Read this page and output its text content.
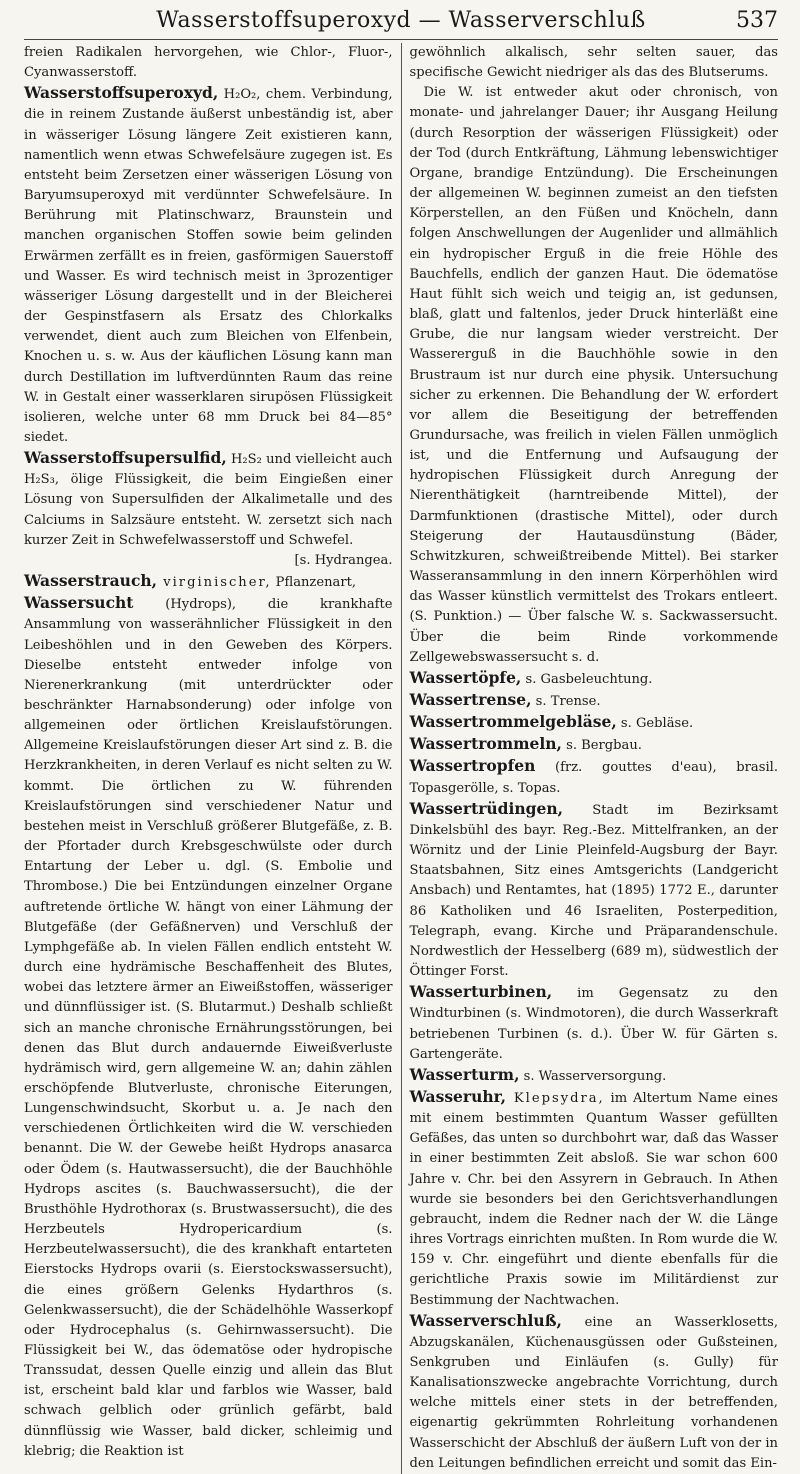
Wasserstoffsuperoxyd — Wasserverschluß	537

freien Radikalen hervorgehen, wie Chlor-, Fluor-, Cyanwasserstoff.

Wasserstoffsuperoxyd, H₂O₂, chem. Verbindung, die in reinem Zustande äußerst unbeständig ist, aber in wässeriger Lösung längere Zeit existieren kann, namentlich wenn etwas Schwefelsäure zugegen ist. Es entsteht beim Zersetzen einer wässerigen Lösung von Baryumsuperoxyd mit verdünnter Schwefelsäure. In Berührung mit Platinschwarz, Braunstein und manchen organischen Stoffen sowie beim gelinden Erwärmen zerfällt es in freien, gasförmigen Sauerstoff und Wasser. Es wird technisch meist in 3prozentiger wässeriger Lösung dargestellt und in der Bleicherei der Gespinstfasern als Ersatz des Chlorkalks verwendet, dient auch zum Bleichen von Elfenbein, Knochen u. s. w. Aus der käuflichen Lösung kann man durch Destillation im luftverdünnten Raum das reine W. in Gestalt einer wasserklaren sirupösen Flüssigkeit isolieren, welche unter 68 mm Druck bei 84—85° siedet.

Wasserstoffsupersulfid, H₂S₂ und vielleicht auch H₂S₃, ölige Flüssigkeit, die beim Eingießen einer Lösung von Supersulfiden der Alkalimetalle und des Calciums in Salzsäure entsteht. W. zersetzt sich nach kurzer Zeit in Schwefelwasserstoff und Schwefel.

[s. Hydrangea.

Wasserstrauch, virginischer, Pflanzenart,

Wassersucht (Hydrops), die krankhafte Ansammlung von wasserähnlicher Flüssigkeit in den Leibeshöhlen und in den Geweben des Körpers. Dieselbe entsteht entweder infolge von Nierenerkrankung (mit unterdrückter oder beschränkter Harnabsonderung) oder infolge von allgemeinen oder örtlichen Kreislaufstörungen. Allgemeine Kreislaufstörungen dieser Art sind z. B. die Herzkrankheiten, in deren Verlauf es nicht selten zu W. kommt. Die örtlichen zu W. führenden Kreislaufstörungen sind verschiedener Natur und bestehen meist in Verschluß größerer Blutgefäße, z. B. der Pfortader durch Krebsgeschwülste oder durch Entartung der Leber u. dgl. (S. Embolie und Thrombose.) Die bei Entzündungen einzelner Organe auftretende örtliche W. hängt von einer Lähmung der Blutgefäße (der Gefäßnerven) und Verschluß der Lymphgefäße ab. In vielen Fällen endlich entsteht W. durch eine hydrämische Beschaffenheit des Blutes, wobei das letztere ärmer an Eiweißstoffen, wässeriger und dünnflüssiger ist. (S. Blutarmut.) Deshalb schließt sich an manche chronische Ernährungsstörungen, bei denen das Blut durch andauernde Eiweißverluste hydrämisch wird, gern allgemeine W. an; dahin zählen erschöpfende Blutverluste, chronische Eiterungen, Lungenschwindsucht, Skorbut u. a. Je nach den verschiedenen Örtlichkeiten wird die W. verschieden benannt. Die W. der Gewebe heißt Hydrops anasarca oder Ödem (s. Hautwassersucht), die der Bauchhöhle Hydrops ascites (s. Bauchwassersucht), die der Brusthöhle Hydrothorax (s. Brustwassersucht), die des Herzbeutels Hydropericardium (s. Herzbeutelwassersucht), die des krankhaft entarteten Eierstocks Hydrops ovarii (s. Eierstockswassersucht), die eines größern Gelenks Hydarthros (s. Gelenkwassersucht), die der Schädelhöhle Wasserkopf oder Hydrocephalus (s. Gehirnwassersucht). Die Flüssigkeit bei W., das ödematöse oder hydropische Transsudat, dessen Quelle einzig und allein das Blut ist, erscheint bald klar und farblos wie Wasser, bald schwach gelblich oder grünlich gefärbt, bald dünnflüssig wie Wasser, bald dicker, schleimig und klebrig; die Reaktion ist

gewöhnlich alkalisch, sehr selten sauer, das specifische Gewicht niedriger als das des Blutserums.

Die W. ist entweder akut oder chronisch, von monate- und jahrelanger Dauer; ihr Ausgang Heilung (durch Resorption der wässerigen Flüssigkeit) oder der Tod (durch Entkräftung, Lähmung lebenswichtiger Organe, brandige Entzündung). Die Erscheinungen der allgemeinen W. beginnen zumeist an den tiefsten Körperstellen, an den Füßen und Knöcheln, dann folgen Anschwellungen der Augenlider und allmählich ein hydropischer Erguß in die freie Höhle des Bauchfells, endlich der ganzen Haut. Die ödematöse Haut fühlt sich weich und teigig an, ist gedunsen, blaß, glatt und faltenlos, jeder Druck hinterläßt eine Grube, die nur langsam wieder verstreicht. Der Wassererguß in die Bauchhöhle sowie in den Brustraum ist nur durch eine physik. Untersuchung sicher zu erkennen. Die Behandlung der W. erfordert vor allem die Beseitigung der betreffenden Grundursache, was freilich in vielen Fällen unmöglich ist, und die Entfernung und Aufsaugung der hydropischen Flüssigkeit durch Anregung der Nierenthätigkeit (harntreibende Mittel), der Darmfunktionen (drastische Mittel), oder durch Steigerung der Hautausdünstung (Bäder, Schwitzkuren, schweißtreibende Mittel). Bei starker Wasseransammlung in den innern Körperhöhlen wird das Wasser künstlich vermittelst des Trokars entleert. (S. Punktion.) — Über falsche W. s. Sackwassersucht. Über die beim Rinde vorkommende Zellgewebswassersucht s. d.

Wassertöpfe, s. Gasbeleuchtung.

Wassertrense, s. Trense.

Wassertrommelgebläse, s. Gebläse.

Wassertrommeln, s. Bergbau.

Wassertropfen (frz. gouttes d'eau), brasil. Topasgerölle, s. Topas.

Wassertrüdingen, Stadt im Bezirksamt Dinkelsbühl des bayr. Reg.-Bez. Mittelfranken, an der Wörnitz und der Linie Pleinfeld-Augsburg der Bayr. Staatsbahnen, Sitz eines Amtsgerichts (Landgericht Ansbach) und Rentamtes, hat (1895) 1772 E., darunter 86 Katholiken und 46 Israeliten, Posterpedition, Telegraph, evang. Kirche und Präparandenschule. Nordwestlich der Hesselberg (689 m), südwestlich der Öttinger Forst.

Wasserturbinen, im Gegensatz zu den Windturbinen (s. Windmotoren), die durch Wasserkraft betriebenen Turbinen (s. d.). Über W. für Gärten s. Gartengeräte.

Wasserturm, s. Wasserversorgung.

Wasseruhr, Klepsydra, im Altertum Name eines mit einem bestimmten Quantum Wasser gefüllten Gefäßes, das unten so durchbohrt war, daß das Wasser in einer bestimmten Zeit absloß. Sie war schon 600 Jahre v. Chr. bei den Assyrern in Gebrauch. In Athen wurde sie besonders bei den Gerichtsverhandlungen gebraucht, indem die Redner nach der W. die Länge ihres Vortrags einrichten mußten. In Rom wurde die W. 159 v. Chr. eingeführt und diente ebenfalls für die gerichtliche Praxis sowie im Militärdienst zur Bestimmung der Nachtwachen.

Wasserverschluß, eine an Wasserklosetts, Abzugskanälen, Küchenausgüssen oder Gußsteinen, Senkgruben und Einläufen (s. Gully) für Kanalisationszwecke angebrachte Vorrichtung, durch welche mittels einer stets in der betreffenden, eigenartig gekrümmten Rohrleitung vorhandenen Wasserschicht der Abschluß der äußern Luft von der in den Leitungen befindlichen erreicht und somit das Ein-
